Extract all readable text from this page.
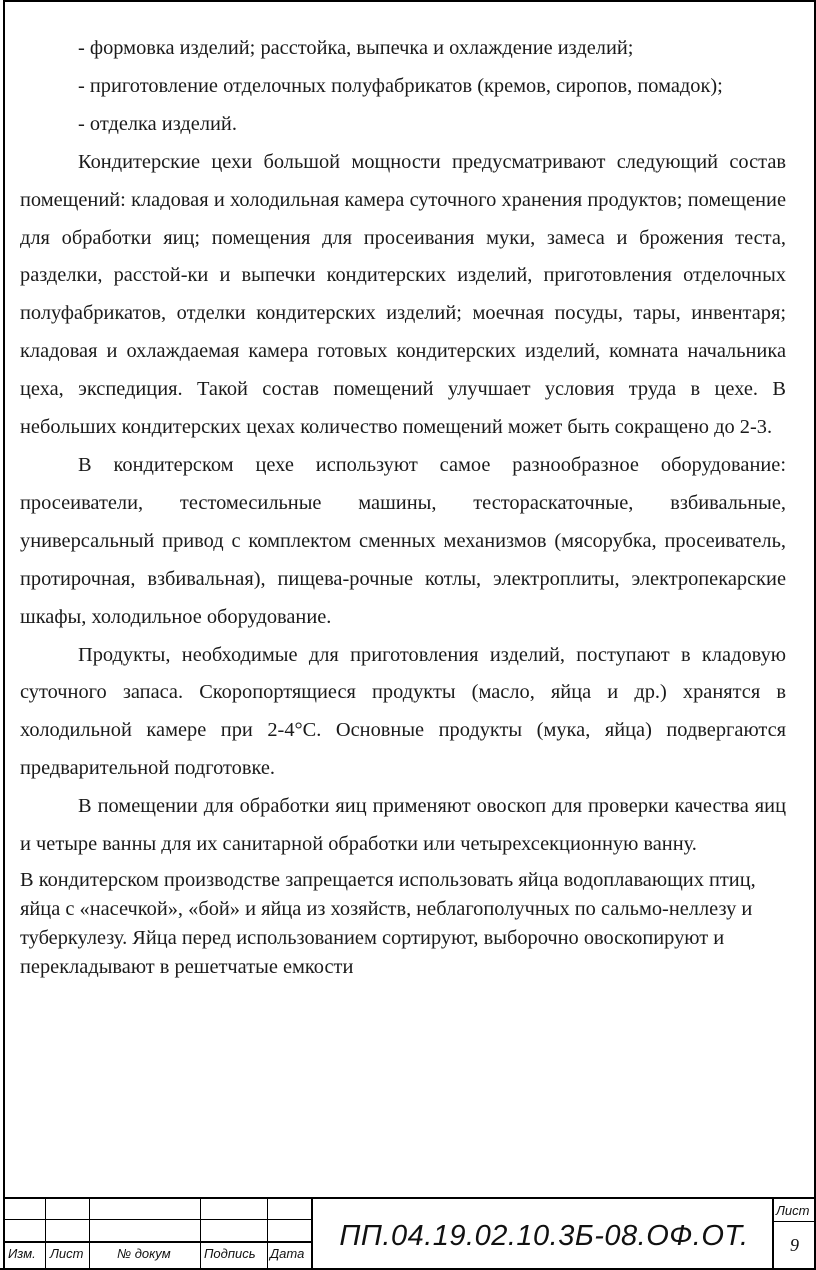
- формовка изделий; расстойка, выпечка и охлаждение изделий;

- приготовление отделочных полуфабрикатов (кремов, сиропов, помадок);

- отделка изделий.

Кондитерские цехи большой мощности предусматривают следующий состав помещений: кладовая и холодильная камера суточного хранения продуктов; помещение для обработки яиц; помещения для просеивания муки, замеса и брожения теста, разделки, расстой-ки и выпечки кондитерских изделий, приготовления отделочных полуфабрикатов, отделки кондитерских изделий; моечная посуды, тары, инвентаря; кладовая и охлаждаемая камера готовых кондитерских изделий, комната начальника цеха, экспедиция. Такой состав помещений улучшает условия труда в цехе. В небольших кондитерских цехах количество помещений может быть сокращено до 2-3.

В кондитерском цехе используют самое разнообразное оборудование: просеиватели, тестомесильные машины, тестораскаточные, взбивальные, универсальный привод с комплектом сменных механизмов (мясорубка, просеиватель, протирочная, взбивальная), пищева-рочные котлы, электроплиты, электропекарские шкафы, холодильное оборудование.

Продукты, необходимые для приготовления изделий, поступают в кладовую суточного запаса. Скоропортящиеся продукты (масло, яйца и др.) хранятся в холодильной камере при 2-4°С. Основные продукты (мука, яйца) подвергаются предварительной подготовке.

В помещении для обработки яиц применяют овоскоп для проверки качества яиц и четыре ванны для их санитарной обработки или четырехсекционную ванну.

В кондитерском производстве запрещается использовать яйца водоплавающих птиц, яйца с «насечкой», «бой» и яйца из хозяйств, неблагополучных по сальмо-неллезу и туберкулезу. Яйца перед использованием сортируют, выборочно овоскопируют и перекладывают в решетчатые емкости

Изм. Лист	№ докум	Подпись Дата
Лист
ПП.04.19.02.10.3Б-08.ОФ.ОТ.	9
